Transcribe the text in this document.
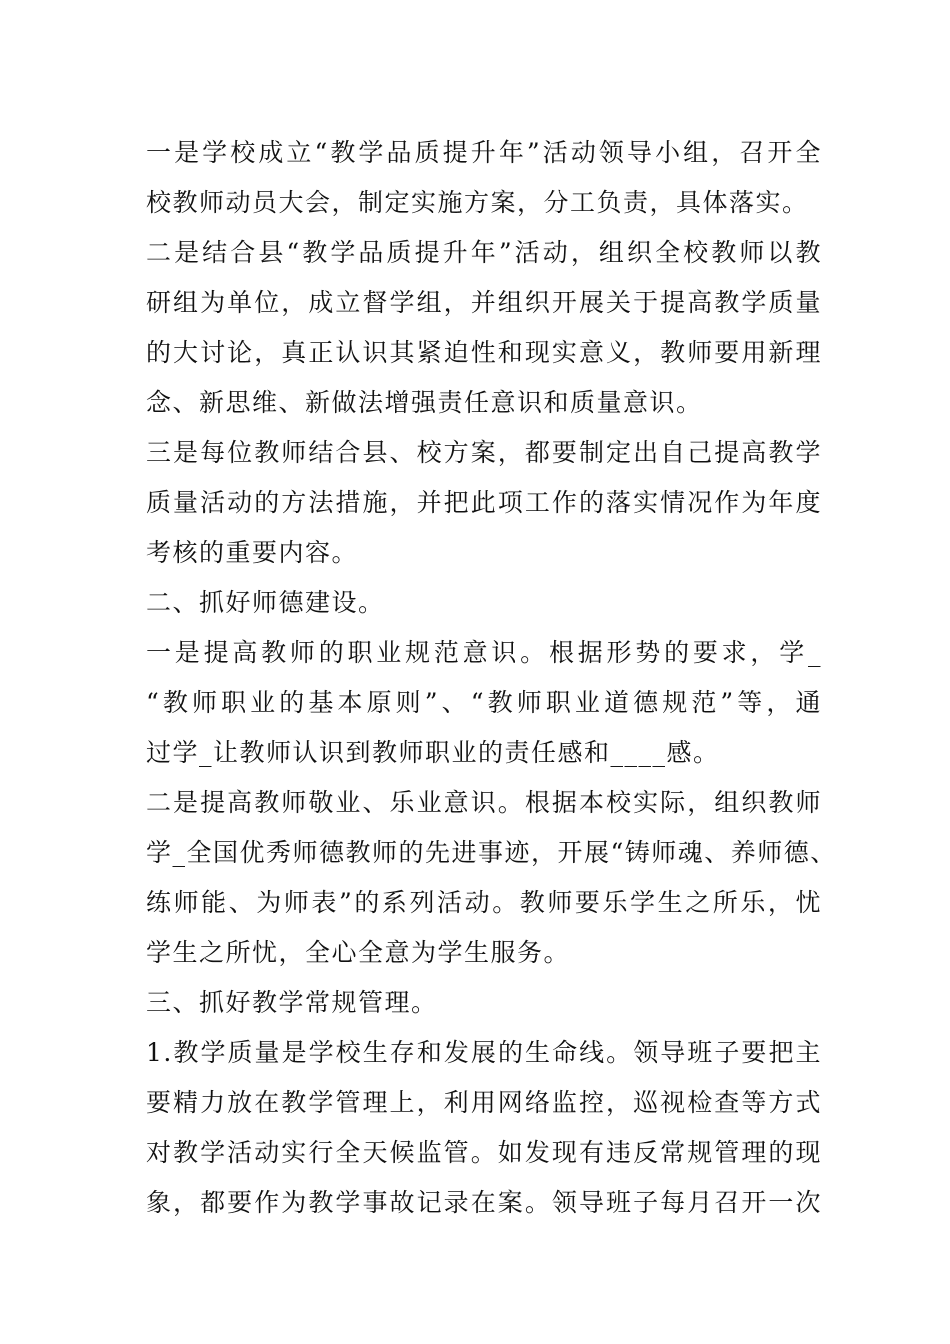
一是学校成立“教学品质提升年”活动领导小组，召开全
校教师动员大会，制定实施方案，分工负责，具体落实。
二是结合县“教学品质提升年”活动，组织全校教师以教
研组为单位，成立督学组，并组织开展关于提高教学质量
的大讨论，真正认识其紧迫性和现实意义，教师要用新理
念、新思维、新做法增强责任意识和质量意识。
三是每位教师结合县、校方案，都要制定出自己提高教学
质量活动的方法措施，并把此项工作的落实情况作为年度
考核的重要内容。
二、抓好师德建设。
一是提高教师的职业规范意识。根据形势的要求，学_
“教师职业的基本原则”、“教师职业道德规范”等，通
过学_让教师认识到教师职业的责任感和____感。
二是提高教师敬业、乐业意识。根据本校实际，组织教师
学_全国优秀师德教师的先进事迹，开展“铸师魂、养师德、
练师能、为师表”的系列活动。教师要乐学生之所乐，忧
学生之所忧，全心全意为学生服务。
三、抓好教学常规管理。
1.教学质量是学校生存和发展的生命线。领导班子要把主
要精力放在教学管理上，利用网络监控，巡视检查等方式
对教学活动实行全天候监管。如发现有违反常规管理的现
象，都要作为教学事故记录在案。领导班子每月召开一次
